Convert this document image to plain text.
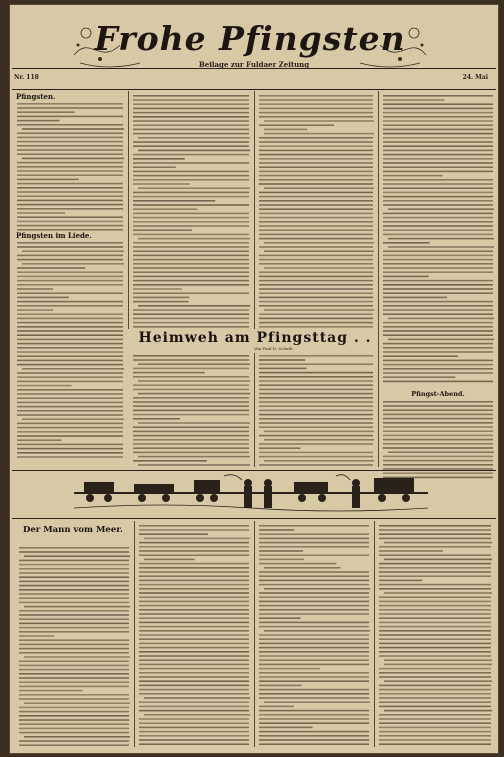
Frohe Pfingsten
Beilage zur Fuldaer Zeitung
Nr. 118	24. Mai
Pfingsten.
Pfingsten im Liede.
Heimweh am Pfingsttag . .
Von Paul D. Schuth
Pfingst-Abend.
Der Mann vom Meer.
